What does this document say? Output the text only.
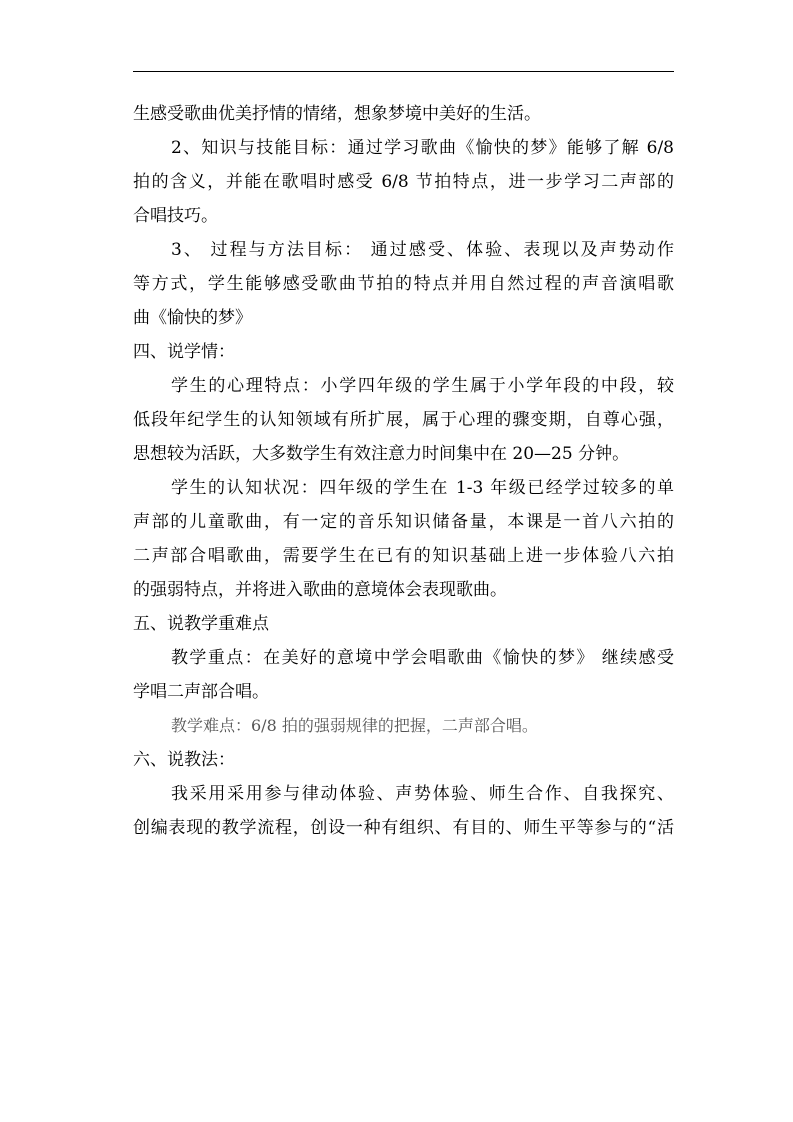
生感受歌曲优美抒情的情绪，想象梦境中美好的生活。
2、知识与技能目标：通过学习歌曲《愉快的梦》能够了解 6/8
拍的含义，并能在歌唱时感受 6/8 节拍特点，进一步学习二声部的
合唱技巧。
3、 过程与方法目标： 通过感受、体验、表现以及声势动作
等方式，学生能够感受歌曲节拍的特点并用自然过程的声音演唱歌
曲《愉快的梦》
四、说学情：
学生的心理特点：小学四年级的学生属于小学年段的中段，较
低段年纪学生的认知领域有所扩展，属于心理的骤变期，自尊心强，
思想较为活跃，大多数学生有效注意力时间集中在 20—25 分钟。
学生的认知状况：四年级的学生在 1-3 年级已经学过较多的单
声部的儿童歌曲，有一定的音乐知识储备量，本课是一首八六拍的
二声部合唱歌曲，需要学生在已有的知识基础上进一步体验八六拍
的强弱特点，并将进入歌曲的意境体会表现歌曲。
五、说教学重难点
教学重点：在美好的意境中学会唱歌曲《愉快的梦》 继续感受
学唱二声部合唱。
教学难点：6/8 拍的强弱规律的把握，二声部合唱。
六、说教法：
我采用采用参与律动体验、声势体验、师生合作、自我探究、
创编表现的教学流程，创设一种有组织、有目的、师生平等参与的“活
